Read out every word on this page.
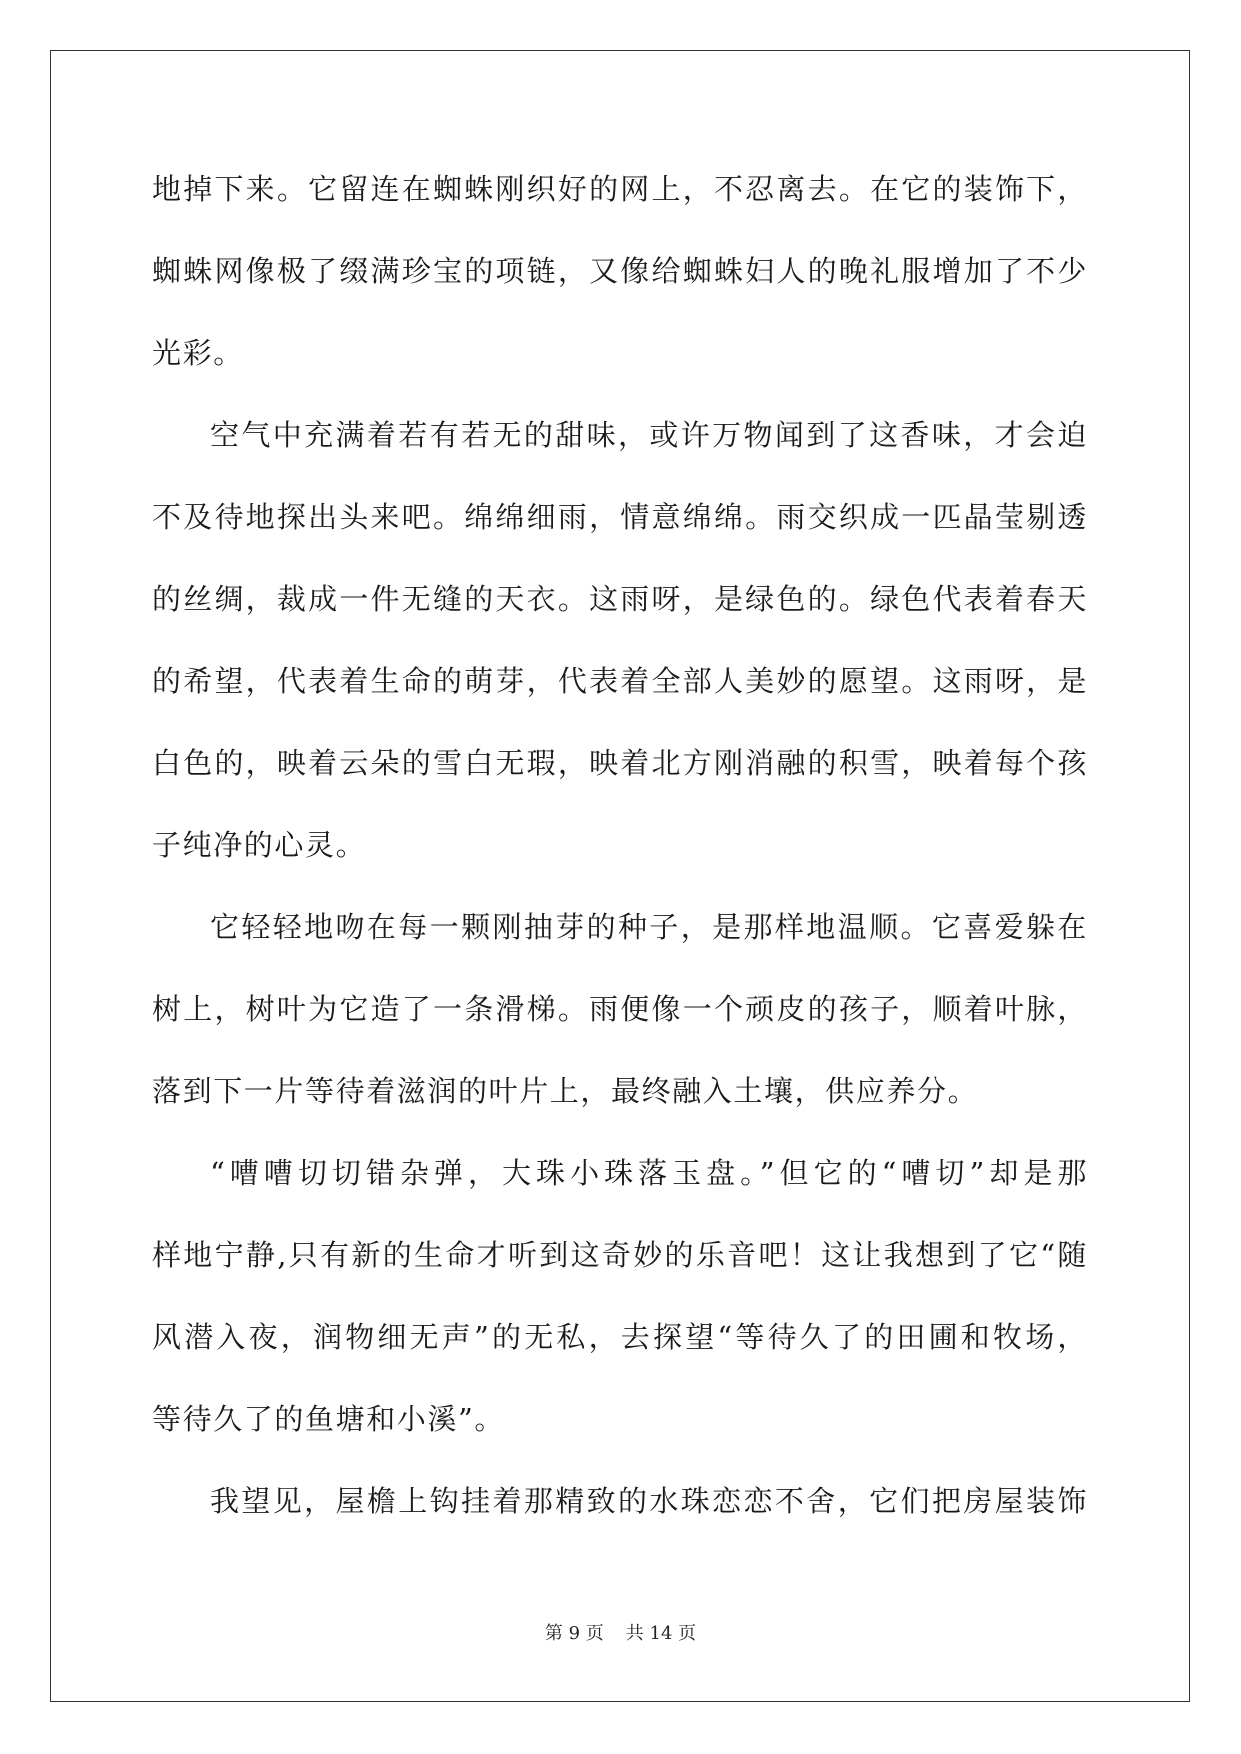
地掉下来。它留连在蜘蛛刚织好的网上，不忍离去。在它的装饰下，
蜘蛛网像极了缀满珍宝的项链，又像给蜘蛛妇人的晚礼服增加了不少
光彩。
空气中充满着若有若无的甜味，或许万物闻到了这香味，才会迫
不及待地探出头来吧。绵绵细雨，情意绵绵。雨交织成一匹晶莹剔透
的丝绸，裁成一件无缝的天衣。这雨呀，是绿色的。绿色代表着春天
的希望，代表着生命的萌芽，代表着全部人美妙的愿望。这雨呀，是
白色的，映着云朵的雪白无瑕，映着北方刚消融的积雪，映着每个孩
子纯净的心灵。
它轻轻地吻在每一颗刚抽芽的种子，是那样地温顺。它喜爱躲在
树上，树叶为它造了一条滑梯。雨便像一个顽皮的孩子，顺着叶脉，
落到下一片等待着滋润的叶片上，最终融入土壤，供应养分。
“嘈嘈切切错杂弹，大珠小珠落玉盘。”但它的“嘈切”却是那
样地宁静,只有新的生命才听到这奇妙的乐音吧！这让我想到了它“随
风潜入夜，润物细无声”的无私，去探望“等待久了的田圃和牧场，
等待久了的鱼塘和小溪”。
我望见，屋檐上钩挂着那精致的水珠恋恋不舍，它们把房屋装饰
第 9 页 共 14 页
